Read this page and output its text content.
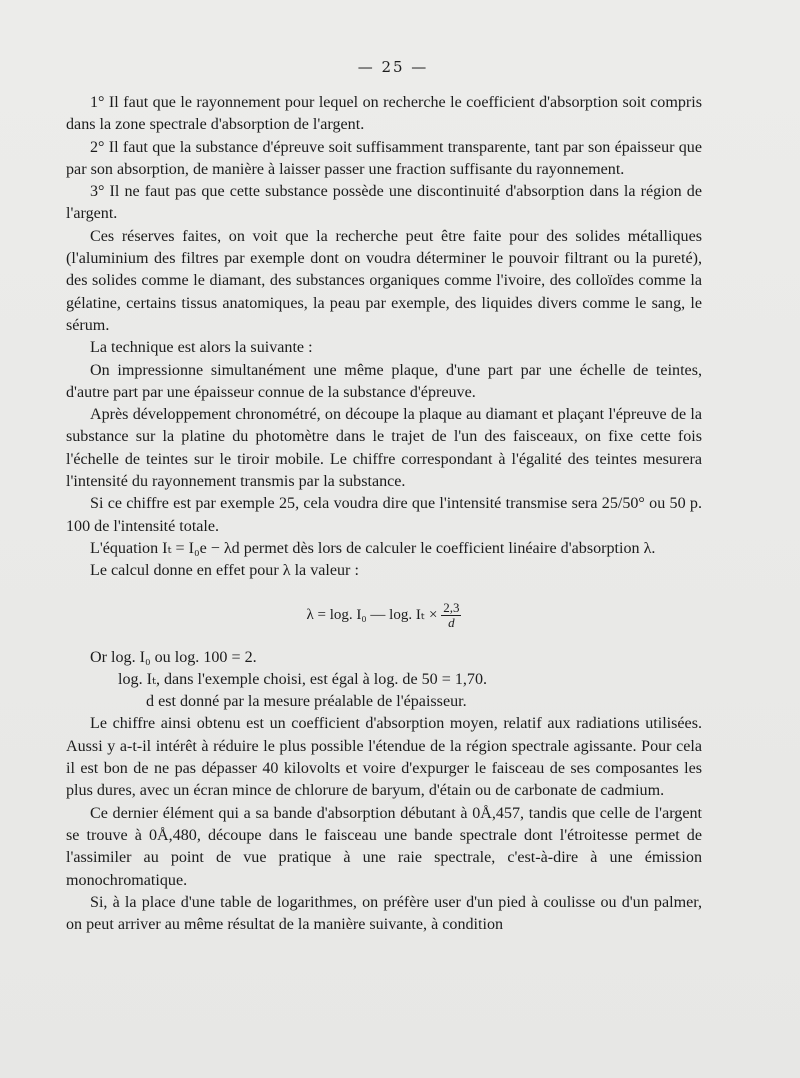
— 25 —

1° Il faut que le rayonnement pour lequel on recherche le coefficient d'absorption soit compris dans la zone spectrale d'absorption de l'argent.

2° Il faut que la substance d'épreuve soit suffisamment transparente, tant par son épaisseur que par son absorption, de manière à laisser passer une fraction suffisante du rayonnement.

3° Il ne faut pas que cette substance possède une discontinuité d'absorption dans la région de l'argent.

Ces réserves faites, on voit que la recherche peut être faite pour des solides métalliques (l'aluminium des filtres par exemple dont on voudra déterminer le pouvoir filtrant ou la pureté), des solides comme le diamant, des substances organiques comme l'ivoire, des colloïdes comme la gélatine, certains tissus anatomiques, la peau par exemple, des liquides divers comme le sang, le sérum.

La technique est alors la suivante :

On impressionne simultanément une même plaque, d'une part par une échelle de teintes, d'autre part par une épaisseur connue de la substance d'épreuve.

Après développement chronométré, on découpe la plaque au diamant et plaçant l'épreuve de la substance sur la platine du photomètre dans le trajet de l'un des faisceaux, on fixe cette fois l'échelle de teintes sur le tiroir mobile. Le chiffre correspondant à l'égalité des teintes mesurera l'intensité du rayonnement transmis par la substance.

Si ce chiffre est par exemple 25, cela voudra dire que l'intensité transmise sera 25/50° ou 50 p. 100 de l'intensité totale.

L'équation Iₜ = I₀e − λd permet dès lors de calculer le coefficient linéaire d'absorption λ.

Le calcul donne en effet pour λ la valeur :

λ = log. I₀ — log. $I_t \times \frac{2,3}{d}$

Or log. I₀ ou log. 100 = 2.

log. Iₜ, dans l'exemple choisi, est égal à log. de 50 = 1,70.

d est donné par la mesure préalable de l'épaisseur.

Le chiffre ainsi obtenu est un coefficient d'absorption moyen, relatif aux radiations utilisées. Aussi y a-t-il intérêt à réduire le plus possible l'étendue de la région spectrale agissante. Pour cela il est bon de ne pas dépasser 40 kilovolts et voire d'expurger le faisceau de ses composantes les plus dures, avec un écran mince de chlorure de baryum, d'étain ou de carbonate de cadmium.

Ce dernier élément qui a sa bande d'absorption débutant à 0Å,457, tandis que celle de l'argent se trouve à 0Å,480, découpe dans le faisceau une bande spectrale dont l'étroitesse permet de l'assimiler au point de vue pratique à une raie spectrale, c'est-à-dire à une émission monochromatique.

Si, à la place d'une table de logarithmes, on préfère user d'un pied à coulisse ou d'un palmer, on peut arriver au même résultat de la manière suivante, à condition
